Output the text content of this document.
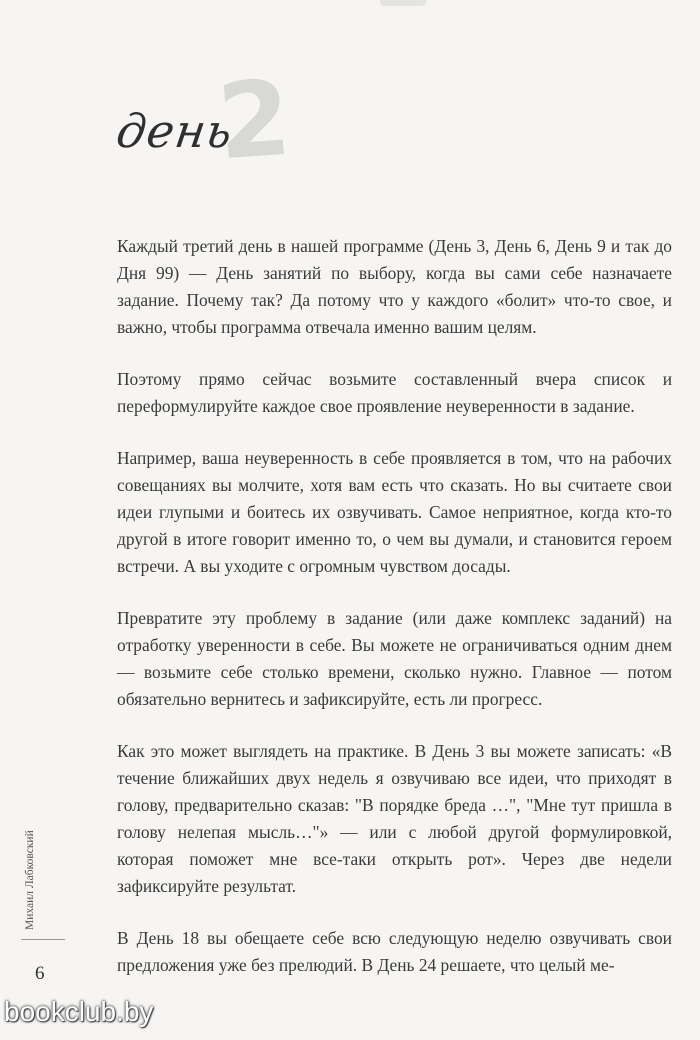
2
день

Каждый третий день в нашей программе (День 3, День 6, День 9 и так до Дня 99) — День занятий по выбору, когда вы сами себе назначаете задание. Почему так? Да потому что у каждого «болит» что-то свое, и важно, чтобы программа отвечала именно вашим целям.

Поэтому прямо сейчас возьмите составленный вчера список и переформулируйте каждое свое проявление неуверенности в задание.

Например, ваша неуверенность в себе проявляется в том, что на рабочих совещаниях вы молчите, хотя вам есть что сказать. Но вы считаете свои идеи глупыми и боитесь их озвучивать. Самое неприятное, когда кто-то другой в итоге говорит именно то, о чем вы думали, и становится героем встречи. А вы уходите с огромным чувством досады.

Превратите эту проблему в задание (или даже комплекс заданий) на отработку уверенности в себе. Вы можете не ограничиваться одним днем — возьмите себе столько времени, сколько нужно. Главное — потом обязательно вернитесь и зафиксируйте, есть ли прогресс.

Как это может выглядеть на практике. В День 3 вы можете записать: «В течение ближайших двух недель я озвучиваю все идеи, что приходят в голову, предварительно сказав: "В порядке бреда …", "Мне тут пришла в голову нелепая мысль…"» — или с любой другой формулировкой, которая поможет мне все-таки открыть рот». Через две недели зафиксируйте результат.

В День 18 вы обещаете себе всю следующую неделю озвучивать свои предложения уже без прелюдий. В День 24 решаете, что целый ме-

Михаил Лабковский
6
bookclub.by
